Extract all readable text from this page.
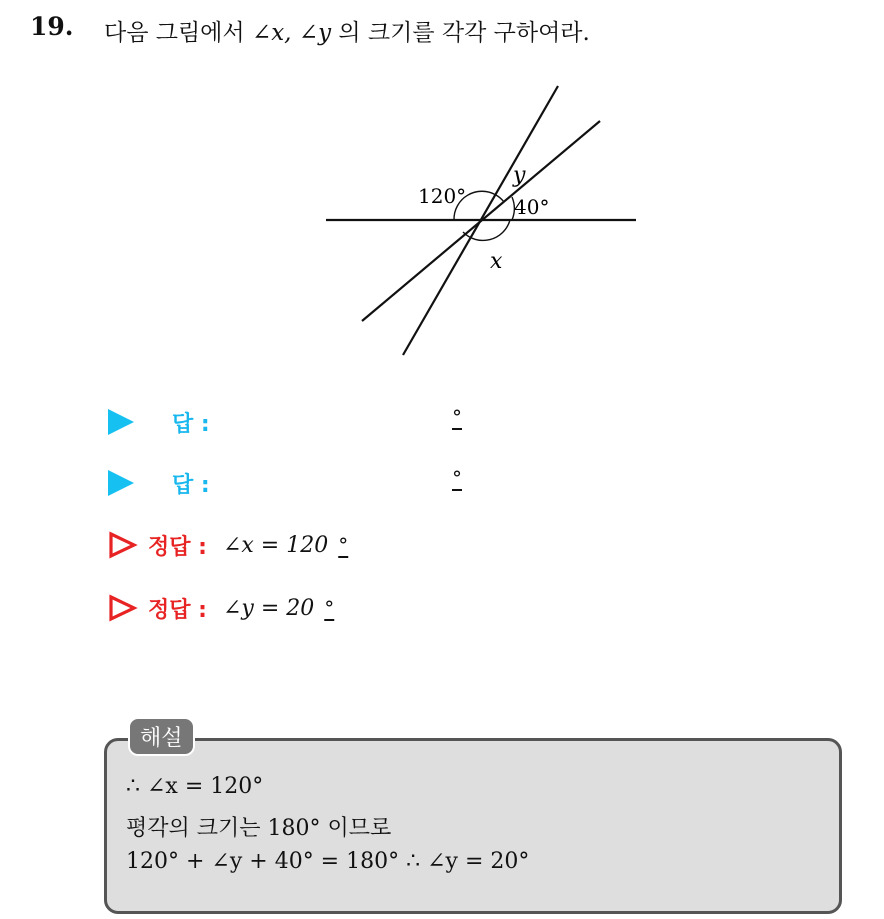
19. 다음 그림에서 ∠x, ∠y 의 크기를 각각 구하여라.
120°
y
40°
x
답 :	°
답 :	°
정답 : ∠x = 120 °
정답 : ∠y = 20 °
해설
∴ ∠x = 120°
평각의 크기는 180° 이므로
120° + ∠y + 40° = 180° ∴ ∠y = 20°
